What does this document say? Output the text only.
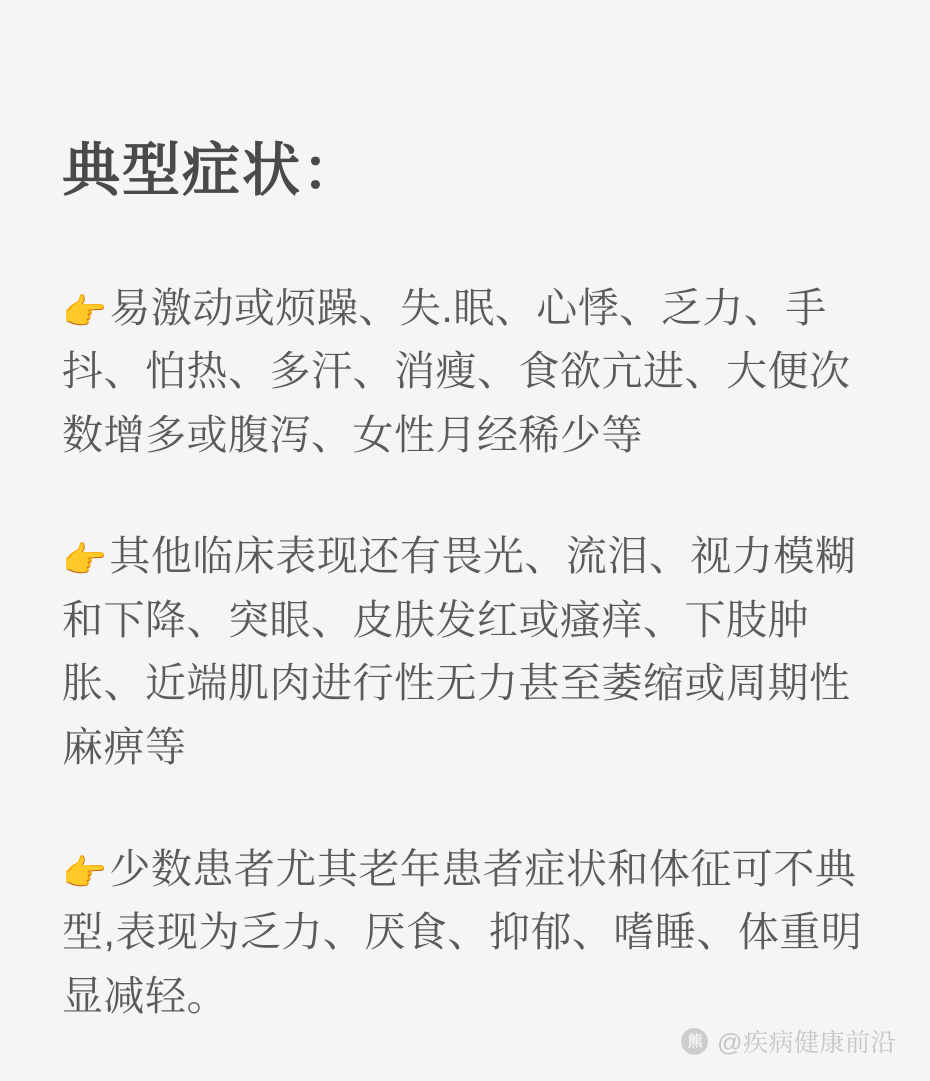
典型症状：

👉易激动或烦躁、失.眠、心悸、乏力、手抖、怕热、多汗、消瘦、食欲亢进、大便次数增多或腹泻、女性月经稀少等

👉其他临床表现还有畏光、流泪、视力模糊和下降、突眼、皮肤发红或瘙痒、下肢肿胀、近端肌肉进行性无力甚至萎缩或周期性麻痹等

👉少数患者尤其老年患者症状和体征可不典型,表现为乏力、厌食、抑郁、嗜睡、体重明显减轻。

熊 @疾病健康前沿
